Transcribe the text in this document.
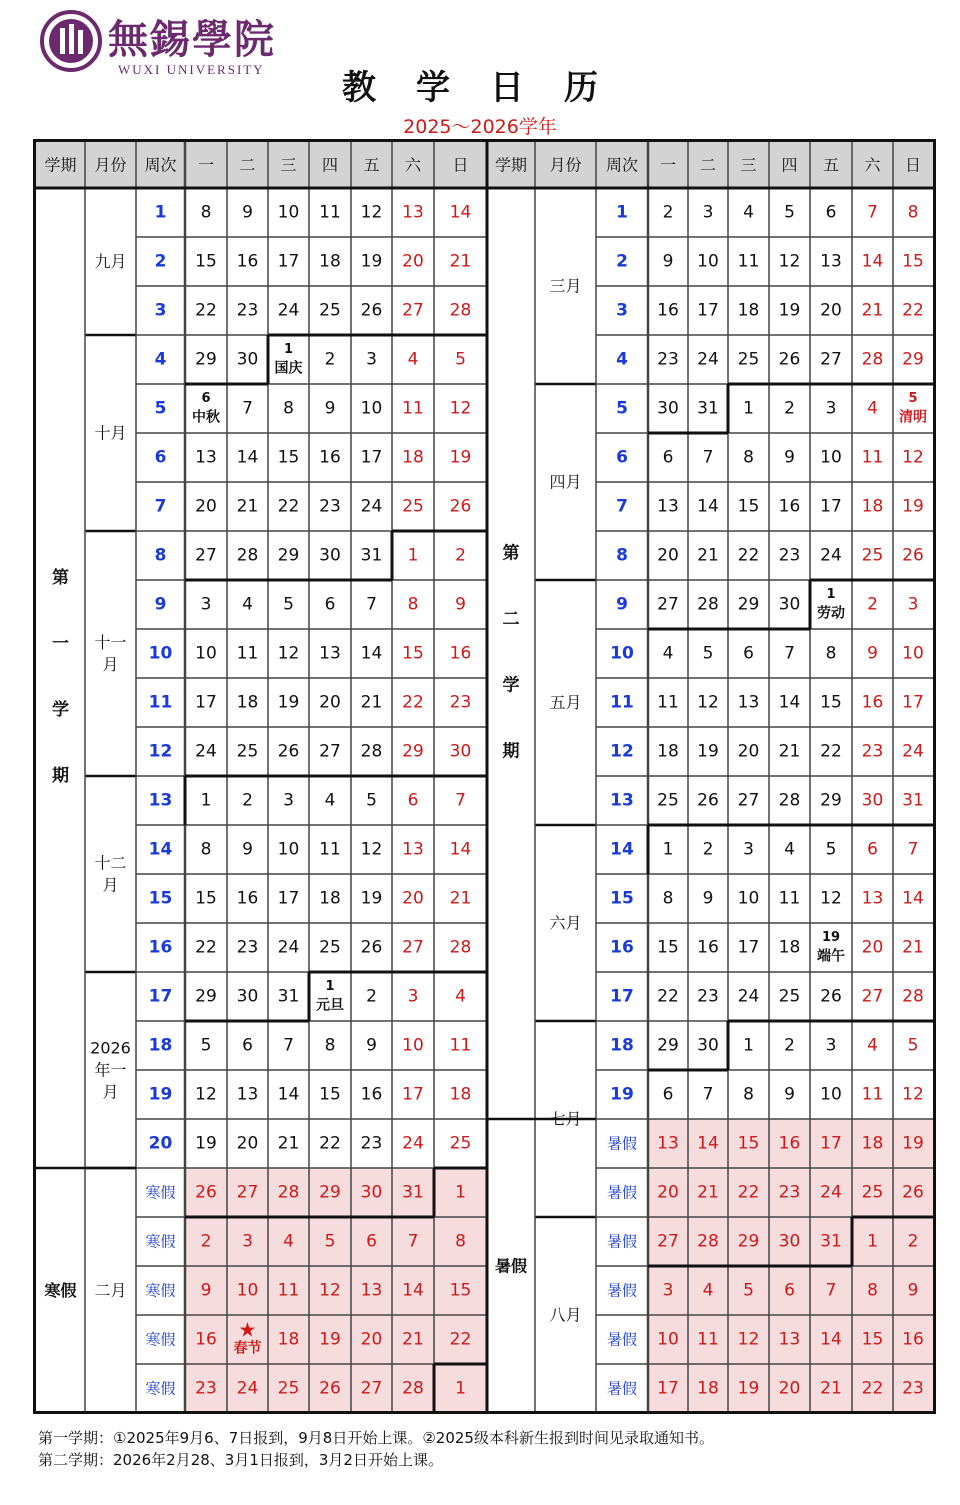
無錫學院
WUXI UNIVERSITY 教学日历
2025～2026学年
学期 月份 周次 一 二 三 四 五 六 日
第
一
学
期
寒假
九月
十月
十一
月
十二
月
2026
年一
月
二月
1
2
3
4
5
6
7
8
9
10
11
12
13
14
15
16
17
18
19
20
寒假
寒假
寒假
寒假
寒假
8 9 10 11 12 13 14
15 16 17 18 19 20 21
22 23 24 25 26 27 28
29 30 1
国庆 2 3 4 5
6
中秋 7 8 9 10 11 12
13 14 15 16 17 18 19
20 21 22 23 24 25 26
27 28 29 30 31 1 2
3 4 5 6 7 8 9
10 11 12 13 14 15 16
17 18 19 20 21 22 23
24 25 26 27 28 29 30
1 2 3 4 5 6 7
8 9 10 11 12 13 14
15 16 17 18 19 20 21
22 23 24 25 26 27 28
29 30 31 1
元旦 2 3 4
5 6 7 8 9 10 11
12 13 14 15 16 17 18
19 20 21 22 23 24 25
26 27 28 29 30 31 1
2 3 4 5 6 7 8
9 10 11 12 13 14 15
16 ★
春节 18 19 20 21 22
23 24 25 26 27 28 1
学期 月份 周次 一 二 三 四 五 六 日
第
二
学
期
暑假
三月
四月
五月
六月
七月
八月
1
2
3
4
5
6
7
8
9
10
11
12
13
14
15
16
17
18
19
暑假
暑假
暑假
暑假
暑假
暑假
2 3 4 5 6 7 8
9 10 11 12 13 14 15
16 17 18 19 20 21 22
23 24 25 26 27 28 29
30 31 1 2 3 4 5
清明
6 7 8 9 10 11 12
13 14 15 16 17 18 19
20 21 22 23 24 25 26
27 28 29 30 1
劳动 2 3
4 5 6 7 8 9 10
11 12 13 14 15 16 17
18 19 20 21 22 23 24
25 26 27 28 29 30 31
1 2 3 4 5 6 7
8 9 10 11 12 13 14
15 16 17 18 19
端午 20 21
22 23 24 25 26 27 28
29 30 1 2 3 4 5
6 7 8 9 10 11 12
13 14 15 16 17 18 19
20 21 22 23 24 25 26
27 28 29 30 31 1 2
3 4 5 6 7 8 9
10 11 12 13 14 15 16
17 18 19 20 21 22 23
第一学期：①2025年9月6、7日报到，9月8日开始上课。②2025级本科新生报到时间见录取通知书。
第二学期：2026年2月28、3月1日报到，3月2日开始上课。
